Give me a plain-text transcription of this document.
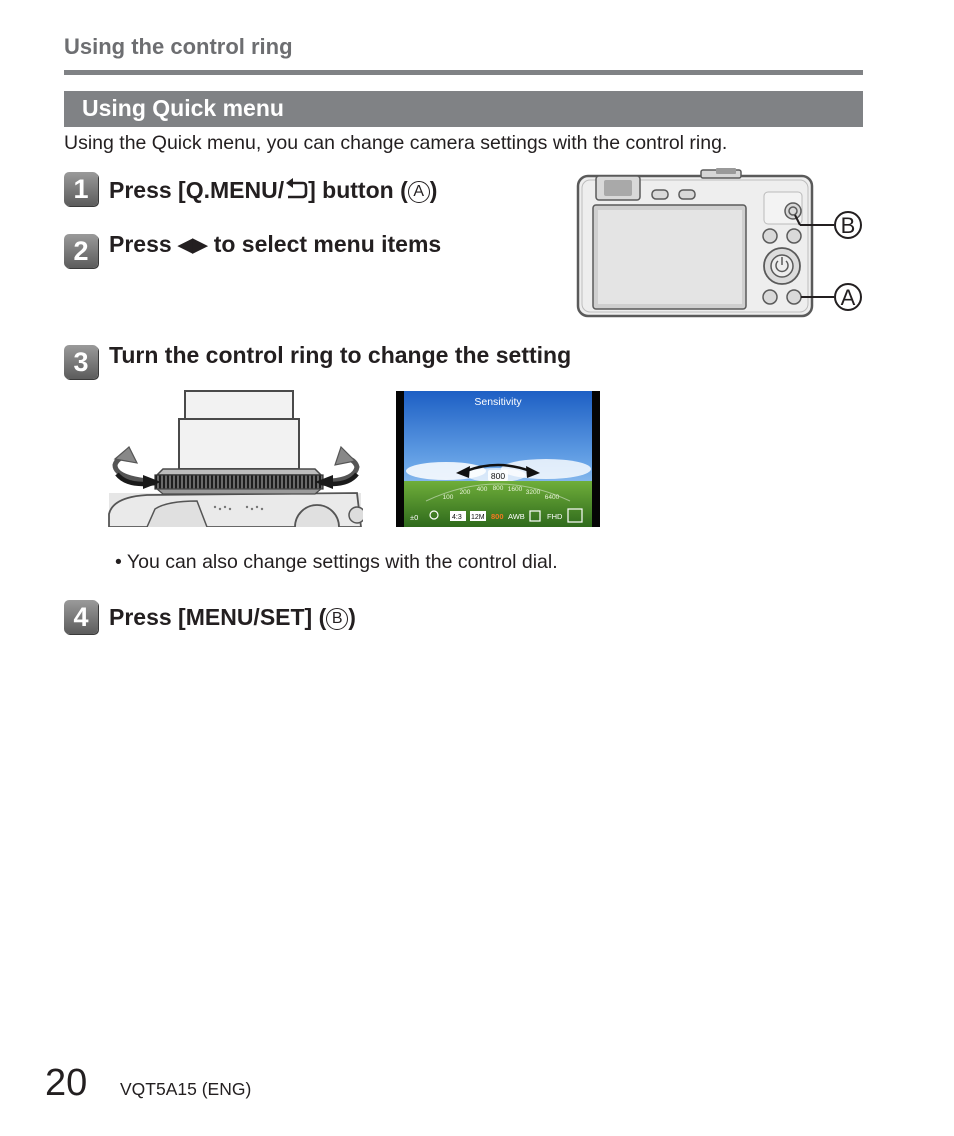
Using the control ring
Using Quick menu
Using the Quick menu, you can change camera settings with the control ring.
1 Press [Q.MENU/ ] button ( A )
2 Press ◀▶ to select menu items
B
A
3 Turn the control ring to change the setting
Sensitivity
800
100
200 400 800 1600 3200
6400
±0	4:3 12M 800 AWB	FHD
• You can also change settings with the control dial.
4 Press [MENU/SET] ( B )
20 VQT5A15 (ENG)
